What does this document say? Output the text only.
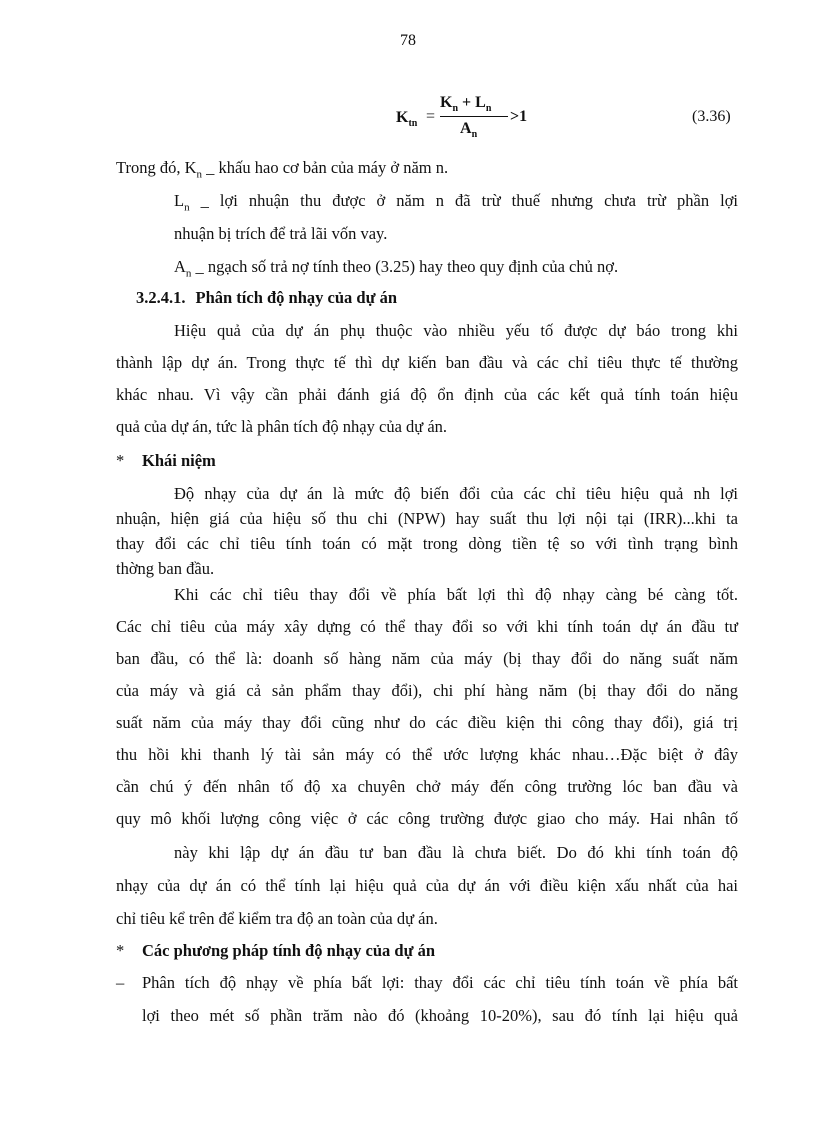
78
$K_{tn}$ =
$K_n + L_n$
$A_n$
>1	(3.36)
Trong đó, $K_n$ _ khấu hao cơ bản của máy ở năm n.
$L_n$ _ lợi nhuận thu được ở năm n đã trừ thuế nhưng chưa trừ phần lợi
nhuận bị trích để trả lãi vốn vay.
$A_n$ _ ngạch số trả nợ tính theo (3.25) hay theo quy định của chủ nợ.
3.2.4.1. Phân tích độ nhạy của dự án
Hiệu quả của dự án phụ thuộc vào nhiều yếu tố được dự báo trong khi
thành lập dự án. Trong thực tế thì dự kiến ban đầu và các chỉ tiêu thực tế thường
khác nhau. Vì vậy cần phải đánh giá độ ổn định của các kết quả tính toán hiệu
quả của dự án, tức là phân tích độ nhạy của dự án.
* Khái niệm
Độ nhạy của dự án là mức độ biến đổi của các chỉ tiêu hiệu quả nh lợi
nhuận, hiện giá của hiệu số thu chi (NPW) hay suất thu lợi nội tại (IRR)...khi ta
thay đổi các chỉ tiêu tính toán có mặt trong dòng tiền tệ so với tình trạng bình
thờng ban đầu.
Khi các chỉ tiêu thay đổi về phía bất lợi thì độ nhạy càng bé càng tốt.
Các chỉ tiêu của máy xây dựng có thể thay đổi so với khi tính toán dự án đầu tư
ban đầu, có thể là: doanh số hàng năm của máy (bị thay đổi do năng suất năm
của máy và giá cả sản phẩm thay đổi), chi phí hàng năm (bị thay đổi do năng
suất năm của máy thay đổi cũng như do các điều kiện thi công thay đổi), giá trị
thu hồi khi thanh lý tài sản máy có thể ước lượng khác nhau…Đặc biệt ở đây
cần chú ý đến nhân tố độ xa chuyên chở máy đến công trường lóc ban đầu và
quy mô khối lượng công việc ở các công trường được giao cho máy. Hai nhân tố
này khi lập dự án đầu tư ban đầu là chưa biết. Do đó khi tính toán độ
nhạy của dự án có thể tính lại hiệu quả của dự án với điều kiện xấu nhất của hai
chỉ tiêu kể trên để kiểm tra độ an toàn của dự án.
* Các phương pháp tính độ nhạy của dự án
– Phân tích độ nhạy về phía bất lợi: thay đổi các chỉ tiêu tính toán về phía bất
lợi theo mét số phần trăm nào đó (khoảng 10-20%), sau đó tính lại hiệu quả
